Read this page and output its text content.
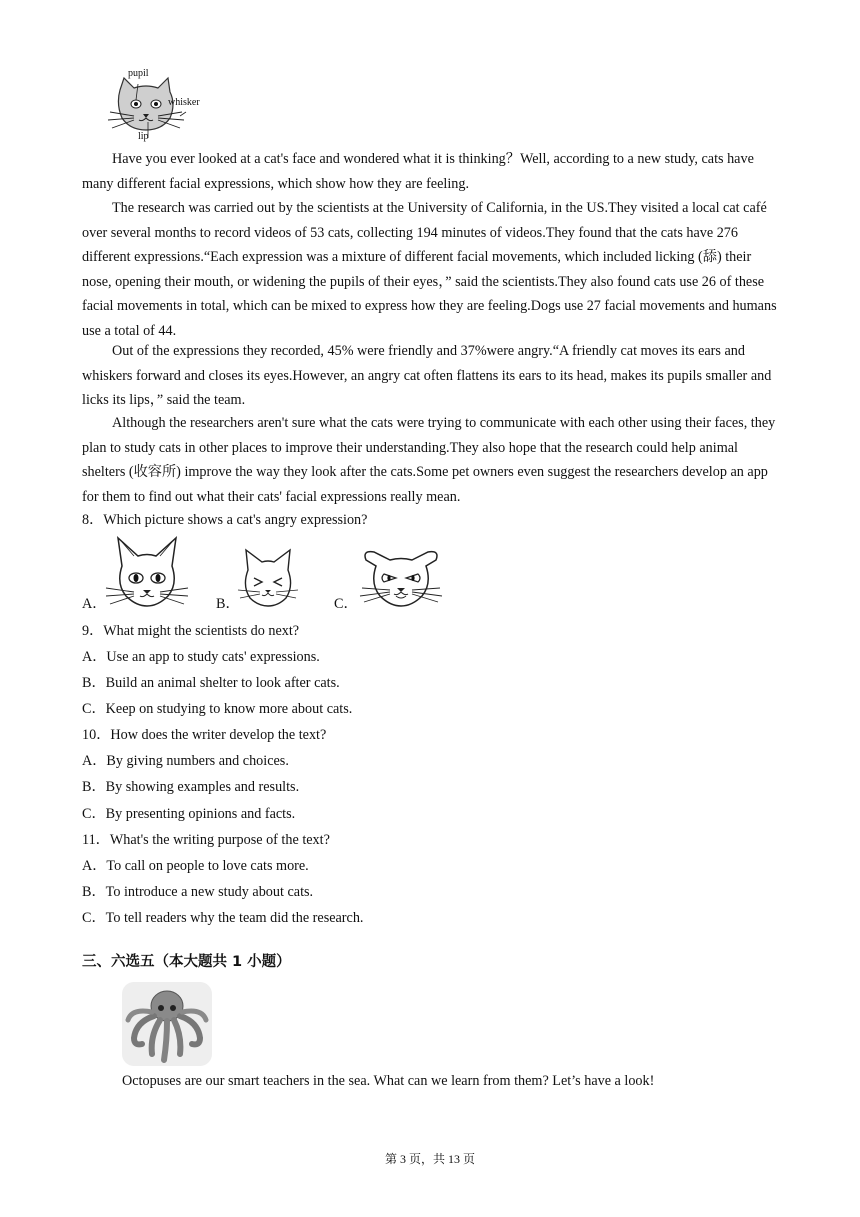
pupil
whisker
lip
Have you ever looked at a cat's face and wondered what it is thinking？Well, according to a new study, cats have many different facial expressions, which show how they are feeling.
The research was carried out by the scientists at the University of California, in the US.They visited a local cat café over several months to record videos of 53 cats, collecting 194 minutes of videos.They found that the cats have 276 different expressions.“Each expression was a mixture of different facial movements, which included licking (舔) their nose, opening their mouth, or widening the pupils of their eyes，” said the scientists.They also found cats use 26 of these facial movements in total, which can be mixed to express how they are feeling.Dogs use 27 facial movements and humans use a total of 44.
Out of the expressions they recorded, 45% were friendly and 37%were angry.“A friendly cat moves its ears and whiskers forward and closes its eyes.However, an angry cat often flattens its ears to its head, makes its pupils smaller and licks its lips，” said the team.
Although the researchers aren't sure what the cats were trying to communicate with each other using their faces, they plan to study cats in other places to improve their understanding.They also hope that the research could help animal shelters (收容所) improve the way they look after the cats.Some pet owners even suggest the researchers develop an app for them to find out what their cats' facial expressions really mean.
8．Which picture shows a cat's angry expression?
A．	B．	C．
9．What might the scientists do next?
A．Use an app to study cats' expressions.
B．Build an animal shelter to look after cats.
C．Keep on studying to know more about cats.
10．How does the writer develop the text?
A．By giving numbers and choices.
B．By showing examples and results.
C．By presenting opinions and facts.
11．What's the writing purpose of the text?
A．To call on people to love cats more.
B．To introduce a new study about cats.
C．To tell readers why the team did the research.
三、六选五（本大题共 1 小题）
Octopuses are our smart teachers in the sea. What can we learn from them? Let’s have a look!
第 3 页，共 13 页
